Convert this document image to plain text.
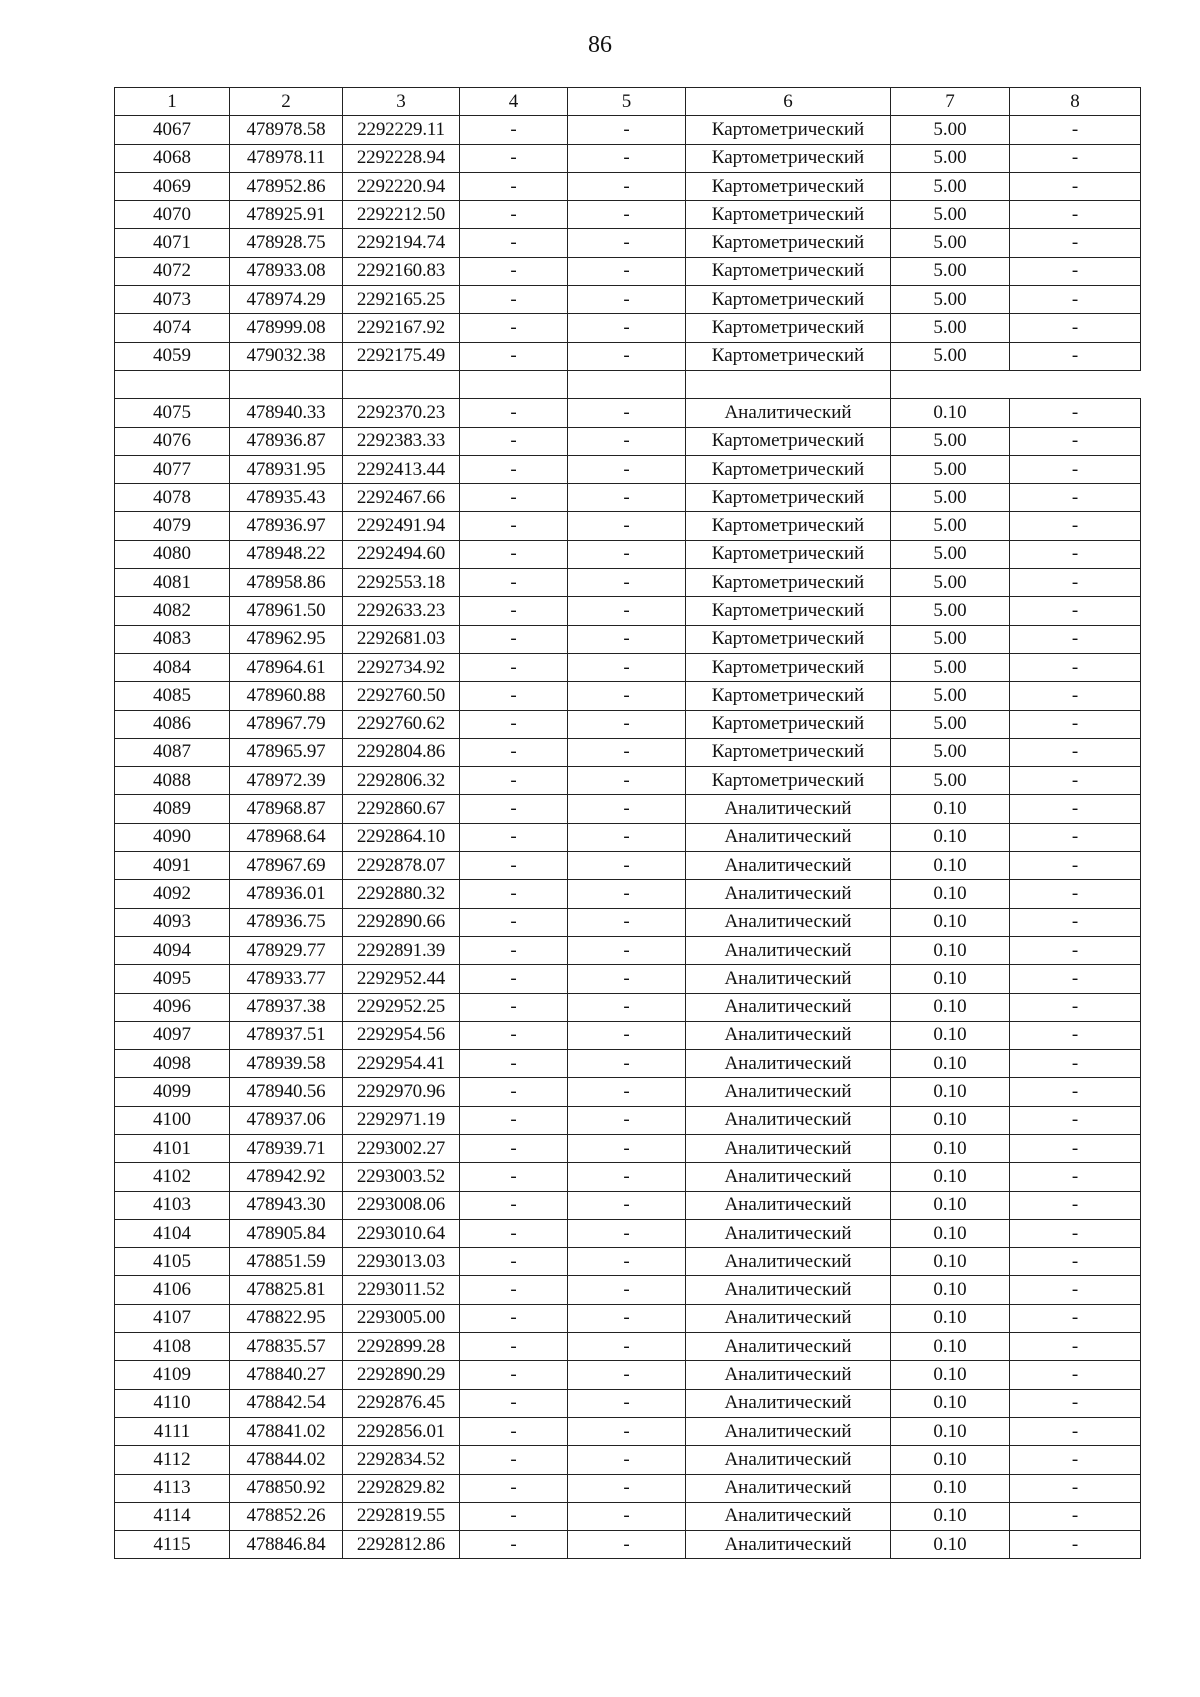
86
1	2	3	4	5	6	7	8
4067	478978.58	2292229.11	-	-	Картометрический	5.00	-
4068	478978.11	2292228.94	-	-	Картометрический	5.00	-
4069	478952.86	2292220.94	-	-	Картометрический	5.00	-
4070	478925.91	2292212.50	-	-	Картометрический	5.00	-
4071	478928.75	2292194.74	-	-	Картометрический	5.00	-
4072	478933.08	2292160.83	-	-	Картометрический	5.00	-
4073	478974.29	2292165.25	-	-	Картометрический	5.00	-
4074	478999.08	2292167.92	-	-	Картометрический	5.00	-
4059	479032.38	2292175.49	-	-	Картометрический	5.00	-

4075	478940.33	2292370.23	-	-	Аналитический	0.10	-
4076	478936.87	2292383.33	-	-	Картометрический	5.00	-
4077	478931.95	2292413.44	-	-	Картометрический	5.00	-
4078	478935.43	2292467.66	-	-	Картометрический	5.00	-
4079	478936.97	2292491.94	-	-	Картометрический	5.00	-
4080	478948.22	2292494.60	-	-	Картометрический	5.00	-
4081	478958.86	2292553.18	-	-	Картометрический	5.00	-
4082	478961.50	2292633.23	-	-	Картометрический	5.00	-
4083	478962.95	2292681.03	-	-	Картометрический	5.00	-
4084	478964.61	2292734.92	-	-	Картометрический	5.00	-
4085	478960.88	2292760.50	-	-	Картометрический	5.00	-
4086	478967.79	2292760.62	-	-	Картометрический	5.00	-
4087	478965.97	2292804.86	-	-	Картометрический	5.00	-
4088	478972.39	2292806.32	-	-	Картометрический	5.00	-
4089	478968.87	2292860.67	-	-	Аналитический	0.10	-
4090	478968.64	2292864.10	-	-	Аналитический	0.10	-
4091	478967.69	2292878.07	-	-	Аналитический	0.10	-
4092	478936.01	2292880.32	-	-	Аналитический	0.10	-
4093	478936.75	2292890.66	-	-	Аналитический	0.10	-
4094	478929.77	2292891.39	-	-	Аналитический	0.10	-
4095	478933.77	2292952.44	-	-	Аналитический	0.10	-
4096	478937.38	2292952.25	-	-	Аналитический	0.10	-
4097	478937.51	2292954.56	-	-	Аналитический	0.10	-
4098	478939.58	2292954.41	-	-	Аналитический	0.10	-
4099	478940.56	2292970.96	-	-	Аналитический	0.10	-
4100	478937.06	2292971.19	-	-	Аналитический	0.10	-
4101	478939.71	2293002.27	-	-	Аналитический	0.10	-
4102	478942.92	2293003.52	-	-	Аналитический	0.10	-
4103	478943.30	2293008.06	-	-	Аналитический	0.10	-
4104	478905.84	2293010.64	-	-	Аналитический	0.10	-
4105	478851.59	2293013.03	-	-	Аналитический	0.10	-
4106	478825.81	2293011.52	-	-	Аналитический	0.10	-
4107	478822.95	2293005.00	-	-	Аналитический	0.10	-
4108	478835.57	2292899.28	-	-	Аналитический	0.10	-
4109	478840.27	2292890.29	-	-	Аналитический	0.10	-
4110	478842.54	2292876.45	-	-	Аналитический	0.10	-
4111	478841.02	2292856.01	-	-	Аналитический	0.10	-
4112	478844.02	2292834.52	-	-	Аналитический	0.10	-
4113	478850.92	2292829.82	-	-	Аналитический	0.10	-
4114	478852.26	2292819.55	-	-	Аналитический	0.10	-
4115	478846.84	2292812.86	-	-	Аналитический	0.10	-
